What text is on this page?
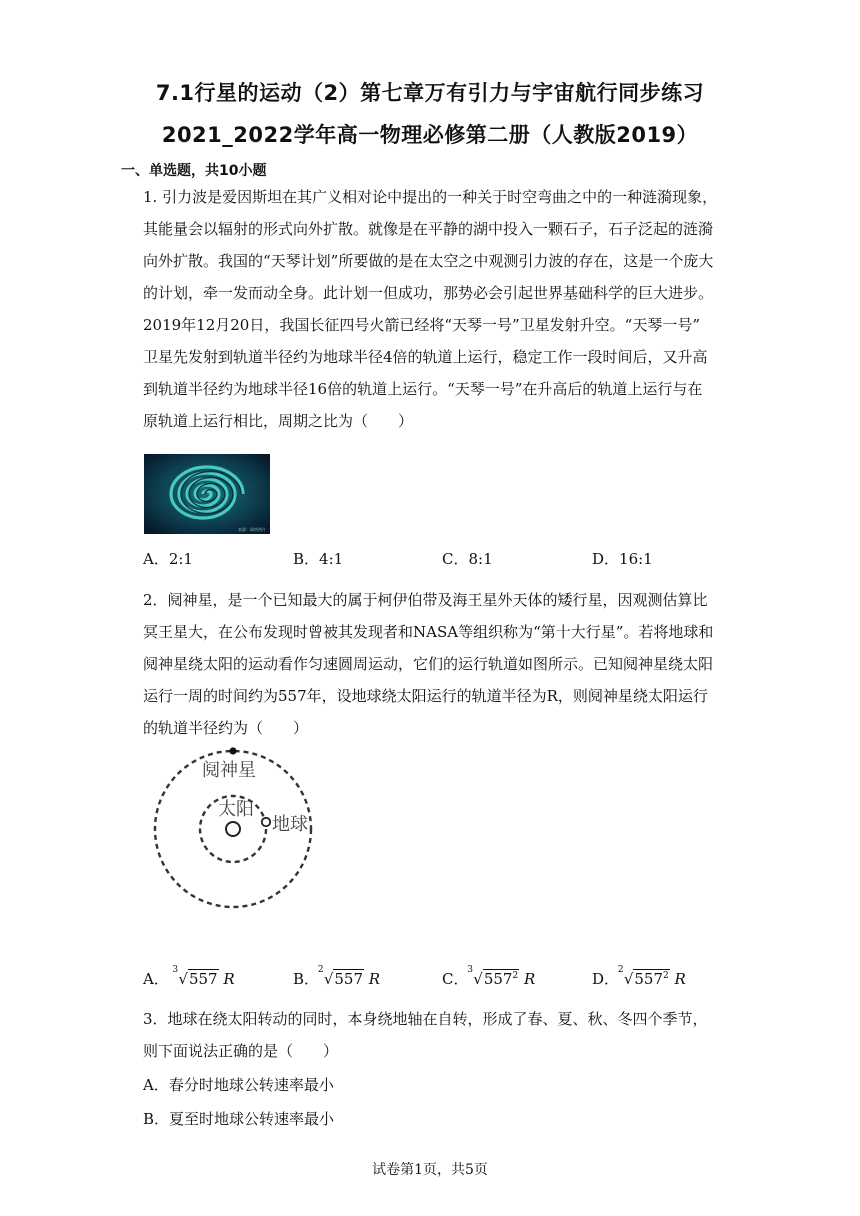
7.1行星的运动（2）第七章万有引力与宇宙航行同步练习
2021_2022学年高一物理必修第二册（人教版2019）
一、单选题，共10小题
1. 引力波是爱因斯坦在其广义相对论中提出的一种关于时空弯曲之中的一种涟漪现象，
其能量会以辐射的形式向外扩散。就像是在平静的湖中投入一颗石子，石子泛起的涟漪
向外扩散。我国的“天琴计划”所要做的是在太空之中观测引力波的存在，这是一个庞大
的计划，牵一发而动全身。此计划一但成功，那势必会引起世界基础科学的巨大进步。
2019年12月20日，我国长征四号火箭已经将“天琴一号”卫星发射升空。“天琴一号”
卫星先发射到轨道半径约为地球半径4倍的轨道上运行，稳定工作一段时间后，又升高
到轨道半径约为地球半径16倍的轨道上运行。“天琴一号”在升高后的轨道上运行与在
原轨道上运行相比，周期之比为（　　）
来源：网络图片
A．2:1	B．4:1	C．8:1	D．16:1
2．阋神星，是一个已知最大的属于柯伊伯带及海王星外天体的矮行星，因观测估算比
冥王星大，在公布发现时曾被其发现者和NASA等组织称为“第十大行星”。若将地球和
阋神星绕太阳的运动看作匀速圆周运动，它们的运行轨道如图所示。已知阋神星绕太阳
运行一周的时间约为557年，设地球绕太阳运行的轨道半径为R，则阋神星绕太阳运行
的轨道半径约为（　　）
阋神星
太阳
地球
A． 3 √557 R	B．
2 √557 R	C．
3 $√557^2$ R	D．
2 $√557^2$ R
3．地球在绕太阳转动的同时，本身绕地轴在自转，形成了春、夏、秋、冬四个季节，
则下面说法正确的是（　　）
A．春分时地球公转速率最小
B．夏至时地球公转速率最小
试卷第1页，共5页
